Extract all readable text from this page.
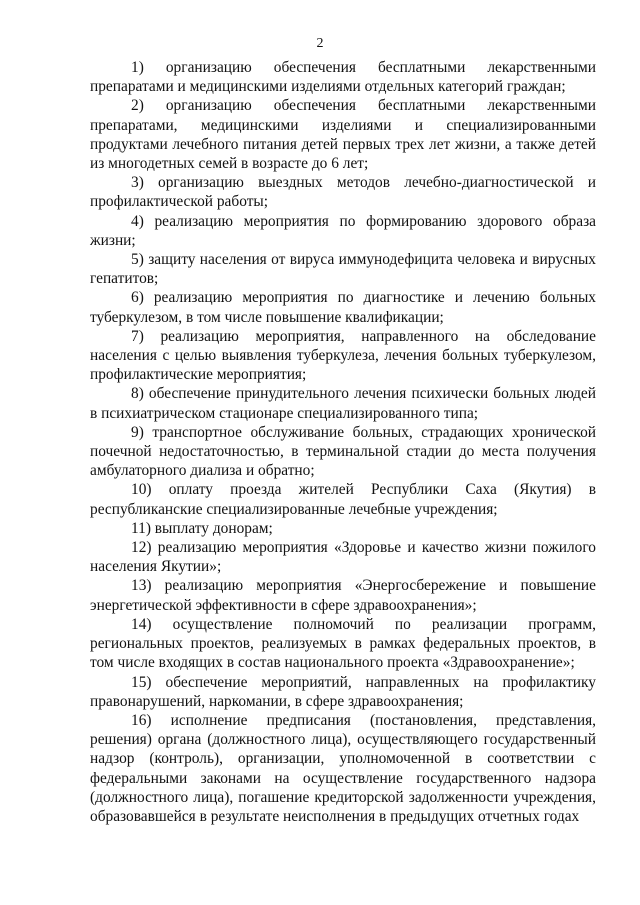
2

1) организацию обеспечения бесплатными лекарственными препаратами и медицинскими изделиями отдельных категорий граждан;

2) организацию обеспечения бесплатными лекарственными препаратами, медицинскими изделиями и специализированными продуктами лечебного питания детей первых трех лет жизни, а также детей из многодетных семей в возрасте до 6 лет;

3) организацию выездных методов лечебно-диагностической и профилактической работы;

4) реализацию мероприятия по формированию здорового образа жизни;

5) защиту населения от вируса иммунодефицита человека и вирусных гепатитов;

6) реализацию мероприятия по диагностике и лечению больных туберкулезом, в том числе повышение квалификации;

7) реализацию мероприятия, направленного на обследование населения с целью выявления туберкулеза, лечения больных туберкулезом, профилактические мероприятия;

8) обеспечение принудительного лечения психически больных людей в психиатрическом стационаре специализированного типа;

9) транспортное обслуживание больных, страдающих хронической почечной недостаточностью, в терминальной стадии до места получения амбулаторного диализа и обратно;

10) оплату проезда жителей Республики Саха (Якутия) в республиканские специализированные лечебные учреждения;

11) выплату донорам;

12) реализацию мероприятия «Здоровье и качество жизни пожилого населения Якутии»;

13) реализацию мероприятия «Энергосбережение и повышение энергетической эффективности в сфере здравоохранения»;

14) осуществление полномочий по реализации программ, региональных проектов, реализуемых в рамках федеральных проектов, в том числе входящих в состав национального проекта «Здравоохранение»;

15) обеспечение мероприятий, направленных на профилактику правонарушений, наркомании, в сфере здравоохранения;

16) исполнение предписания (постановления, представления, решения) органа (должностного лица), осуществляющего государственный надзор (контроль), организации, уполномоченной в соответствии с федеральными законами на осуществление государственного надзора (должностного лица), погашение кредиторской задолженности учреждения, образовавшейся в результате неисполнения в предыдущих отчетных годах
